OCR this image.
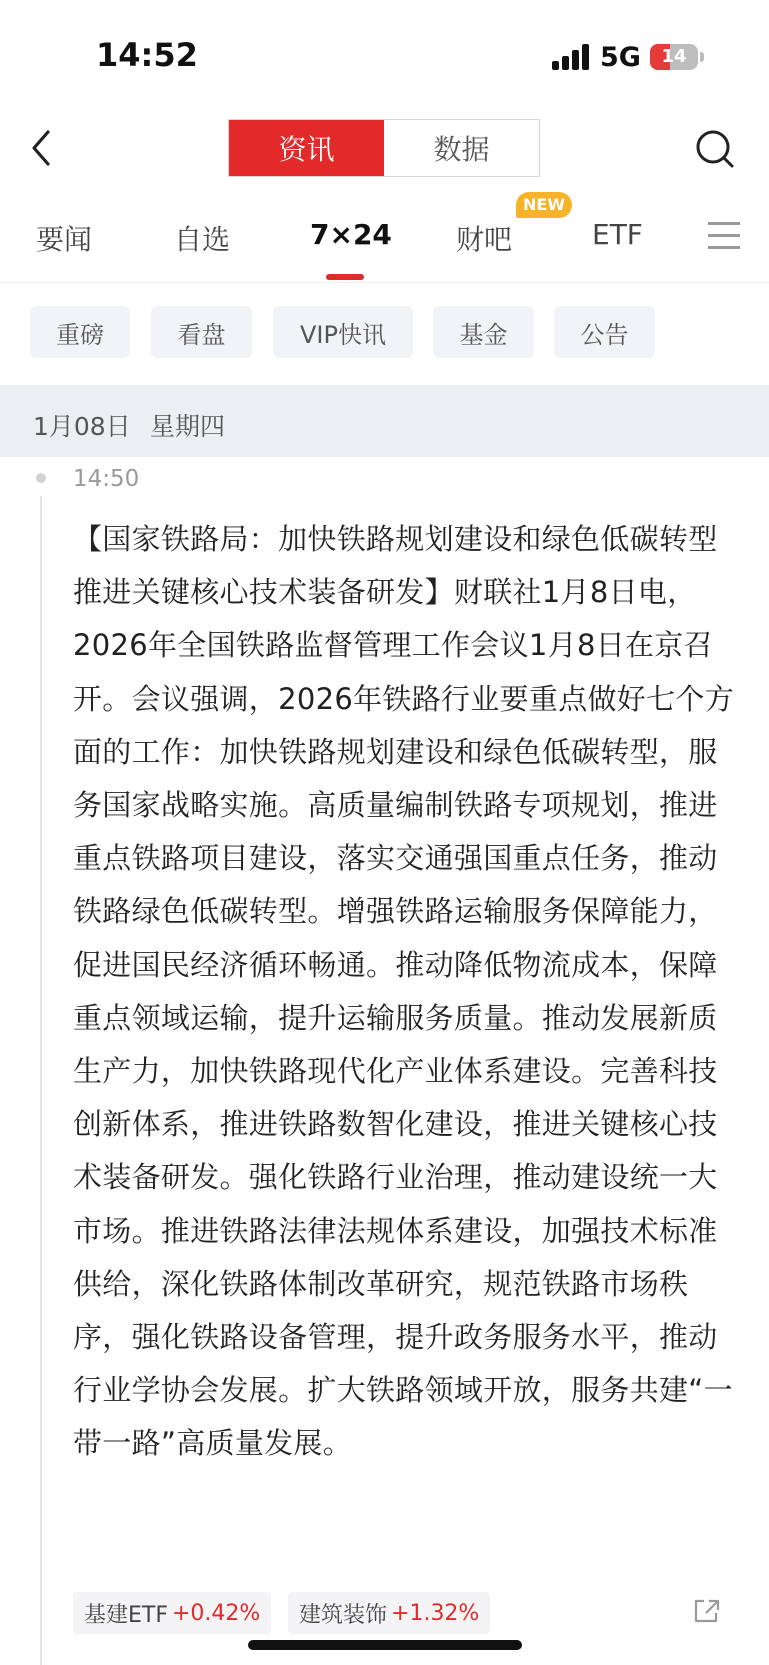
14:52	5G	14
资讯	数据
要闻	自选	7×24 财吧	ETF
NEW
重磅	看盘	VIP快讯	基金	公告
1月08日 星期四
14:50
【国家铁路局：加快铁路规划建设和绿色低碳转型 推进关键核心技术装备研发】财联社1月8日电，2026年全国铁路监督管理工作会议1月8日在京召开。会议强调，2026年铁路行业要重点做好七个方面的工作：加快铁路规划建设和绿色低碳转型，服务国家战略实施。高质量编制铁路专项规划，推进重点铁路项目建设，落实交通强国重点任务，推动铁路绿色低碳转型。增强铁路运输服务保障能力，促进国民经济循环畅通。推动降低物流成本，保障重点领域运输，提升运输服务质量。推动发展新质生产力，加快铁路现代化产业体系建设。完善科技创新体系，推进铁路数智化建设，推进关键核心技术装备研发。强化铁路行业治理，推动建设统一大市场。推进铁路法律法规体系建设，加强技术标准供给，深化铁路体制改革研究，规范铁路市场秩序，强化铁路设备管理，提升政务服务水平，推动行业学协会发展。扩大铁路领域开放，服务共建“一带一路”高质量发展。
基建ETF +0.42% 建筑装饰 +1.32%
